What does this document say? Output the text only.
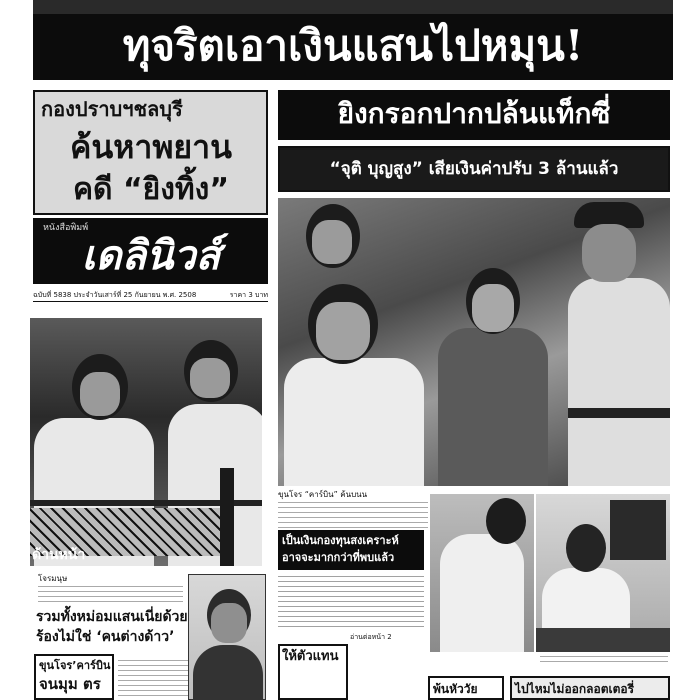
ทุจริตเอาเงินแสนไปหมุน!
กองปราบฯชลบุรี
ค้นหาพยาน
คดี “ยิงทิ้ง”
หนังสือพิมพ์
เดลินิวส์
ฉบับที่ 5838 ประจำวันเสาร์ที่ 25 กันยายน พ.ศ. 2508	ราคา 3 บาท
ด้านหน้า
โจรมนุษ
รวมทั้งหม่อมแสนเนี่ยด้วย
ร้องไม่ใช่ ‘คนต่างด้าว’
ขุนโจร’คาร์บิน
จนมุม ตร
ยิงกรอกปากปล้นแท็กซี่
“จุติ บุญสูง” เสียเงินค่าปรับ 3 ล้านแล้ว
ขุนโจร “คาร์บิน” ค้นบนน
เป็นเงินกองทุนสงเคราะห์
อาจจะมากกว่าที่พบแล้ว
อ่านต่อหน้า 2
ให้ตัวแทน
พ้นหัววัย	ไปไหมไม่ออกลอตเตอรี่
